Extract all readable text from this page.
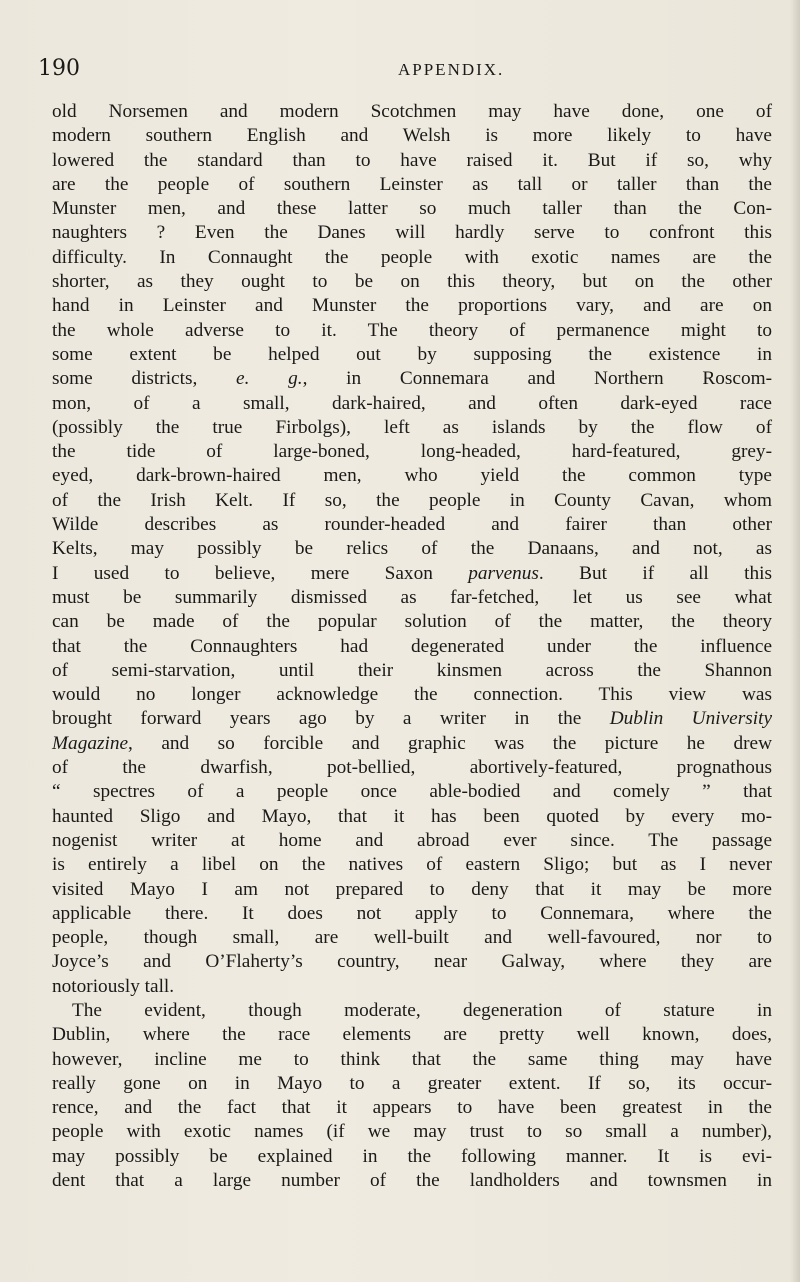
190	APPENDIX.
old Norsemen and modern Scotchmen may have done, one of
modern southern English and Welsh is more likely to have
lowered the standard than to have raised it. But if so, why
are the people of southern Leinster as tall or taller than the
Munster men, and these latter so much taller than the Con-
naughters ? Even the Danes will hardly serve to confront this
difficulty. In Connaught the people with exotic names are the
shorter, as they ought to be on this theory, but on the other
hand in Leinster and Munster the proportions vary, and are on
the whole adverse to it. The theory of permanence might to
some extent be helped out by supposing the existence in
some districts, e. g., in Connemara and Northern Roscom-
mon, of a small, dark-haired, and often dark-eyed race
(possibly the true Firbolgs), left as islands by the flow of
the tide of large-boned, long-headed, hard-featured, grey-
eyed, dark-brown-haired men, who yield the common type
of the Irish Kelt. If so, the people in County Cavan, whom
Wilde describes as rounder-headed and fairer than other
Kelts, may possibly be relics of the Danaans, and not, as
I used to believe, mere Saxon parvenus. But if all this
must be summarily dismissed as far-fetched, let us see what
can be made of the popular solution of the matter, the theory
that the Connaughters had degenerated under the influence
of semi-starvation, until their kinsmen across the Shannon
would no longer acknowledge the connection. This view was
brought forward years ago by a writer in the Dublin University
Magazine, and so forcible and graphic was the picture he drew
of the dwarfish, pot-bellied, abortively-featured, prognathous
“ spectres of a people once able-bodied and comely ” that
haunted Sligo and Mayo, that it has been quoted by every mo-
nogenist writer at home and abroad ever since. The passage
is entirely a libel on the natives of eastern Sligo; but as I never
visited Mayo I am not prepared to deny that it may be more
applicable there. It does not apply to Connemara, where the
people, though small, are well-built and well-favoured, nor to
Joyce’s and O’Flaherty’s country, near Galway, where they are
notoriously tall.
The evident, though moderate, degeneration of stature in
Dublin, where the race elements are pretty well known, does,
however, incline me to think that the same thing may have
really gone on in Mayo to a greater extent. If so, its occur-
rence, and the fact that it appears to have been greatest in the
people with exotic names (if we may trust to so small a number),
may possibly be explained in the following manner. It is evi-
dent that a large number of the landholders and townsmen in
